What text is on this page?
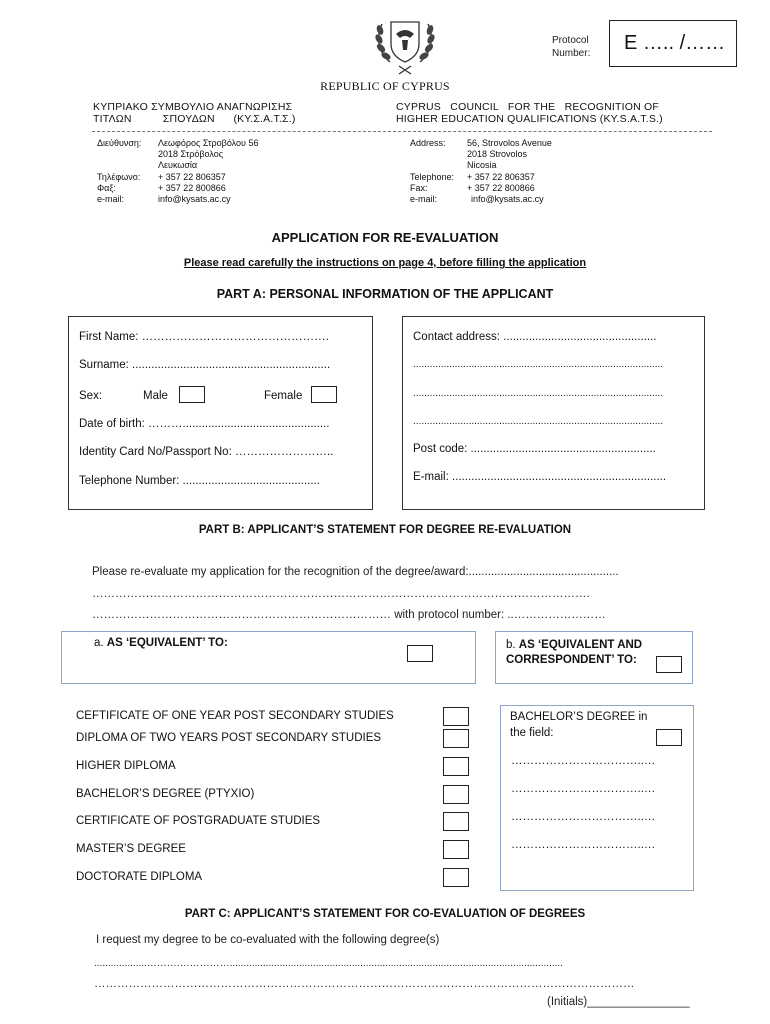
Protocol
Number: E ….. /……
REPUBLIC OF CYPRUS
ΚΥΠΡΙΑΚΟ ΣΥΜΒΟΥΛΙΟ ΑΝΑΓΝΩΡΙΣΗΣ
ΤΙΤΛΩΝ          ΣΠΟΥΔΩΝ      (ΚΥ.Σ.Α.Τ.Σ.)
CYPRUS   COUNCIL   FOR THE   RECOGNITION OF
HIGHER EDUCATION QUALIFICATIONS (KY.S.A.T.S.)
Διεύθυνση: Λεωφόρος Στροβόλου 56
2018 Στρόβολος
Λευκωσία
Τηλέφωνο: + 357 22 806357
Φαξ:	+ 357 22 800866
e-mail:	info@kysats.ac.cy
Address: 56, Strovolos Avenue
2018 Strovolos
Nicosia
Telephone: + 357 22 806357
Fax:	+ 357 22 800866
e-mail:	info@kysats.ac.cy
APPLICATION FOR RE-EVALUATION
Please read carefully the instructions on page 4, before filling the application
PART A: PERSONAL INFORMATION OF THE APPLICANT
First Name: ………………………………………….
Surname: ..............................................................
Sex:	Male	Female
Date of birth: ………..............................................
Identity Card No/Passport No: ……………………..
Telephone Number: ...........................................
Contact address: ................................................
..........................................................................................
..........................................................................................
..........................................................................................
Post code: ..........................................................
E-mail: ...................................................................
PART B: APPLICANT’S STATEMENT FOR DEGREE RE-EVALUATION
Please re-evaluate my application for the recognition of the degree/award:...............................................
………………………………………………………………………………………………………………….
…………………………………………………………………… with protocol number: ..……………………
a. AS ‘EQUIVALENT’ TO:	b. AS ‘EQUIVALENT AND
CORRESPONDENT’ TO:
CEFTIFICATE OF ONE YEAR POST SECONDARY STUDIES
DIPLOMA OF TWO YEARS POST SECONDARY STUDIES
HIGHER DIPLOMA
BACHELOR’S DEGREE (PTYXIO)
CERTIFICATE OF POSTGRADUATE STUDIES
MASTER’S DEGREE
DOCTORATE DIPLOMA
BACHELOR’S DEGREE in
the field:
……………………………..…
……………………………..…
……………………………..…
……………………………..…
PART C: APPLICANT’S STATEMENT FOR CO-EVALUATION OF DEGREES
I request my degree to be co-evaluated with the following degree(s)
...................……….……………........................................................................................................................
……………………………………………………………………………………………………………………………
(Initials)________________
